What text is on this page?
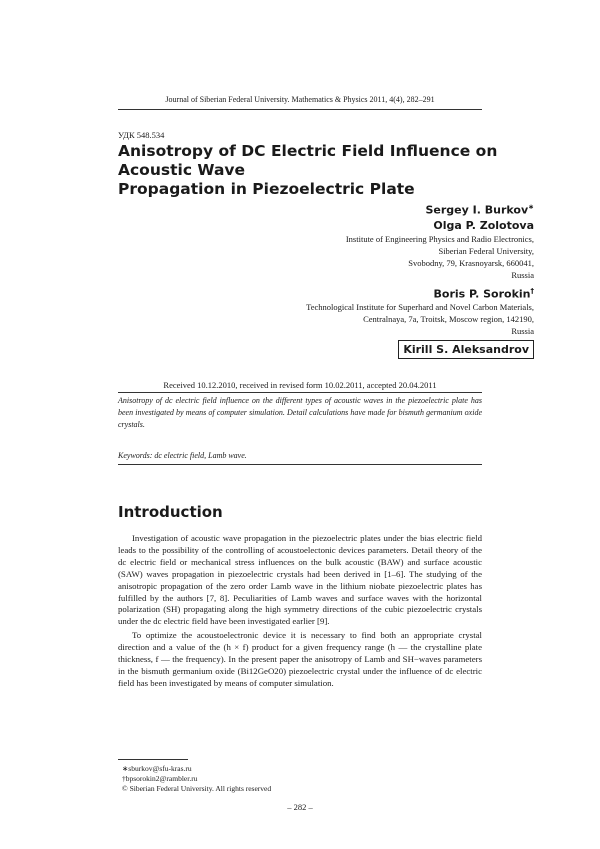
Journal of Siberian Federal University. Mathematics & Physics 2011, 4(4), 282–291
УДК 548.534
Anisotropy of DC Electric Field Influence on Acoustic Wave
Propagation in Piezoelectric Plate
Sergey I. Burkov∗
Olga P. Zolotova
Institute of Engineering Physics and Radio Electronics,
Siberian Federal University,
Svobodny, 79, Krasnoyarsk, 660041,
Russia
Boris P. Sorokin†
Technological Institute for Superhard and Novel Carbon Materials,
Centralnaya, 7a, Troitsk, Moscow region, 142190,
Russia
Kirill S. Aleksandrov
Received 10.12.2010, received in revised form 10.02.2011, accepted 20.04.2011
Anisotropy of dc electric field influence on the different types of acoustic waves in the piezoelectric plate has been investigated by means of computer simulation. Detail calculations have made for bismuth germanium oxide crystals.
Keywords: dc electric field, Lamb wave.
Introduction

Investigation of acoustic wave propagation in the piezoelectric plates under the bias electric field leads to the possibility of the controlling of acoustoelectonic devices parameters. Detail theory of the dc electric field or mechanical stress influences on the bulk acoustic (BAW) and surface acoustic (SAW) waves propagation in piezoelectric crystals had been derived in [1–6]. The studying of the anisotropic propagation of the zero order Lamb wave in the lithium niobate piezoelectric plates has fulfilled by the authors [7, 8]. Peculiarities of Lamb waves and surface waves with the horizontal polarization (SH) propagating along the high symmetry directions of the cubic piezoelectric crystals under the dc electric field have been investigated earlier [9].

To optimize the acoustoelectronic device it is necessary to find both an appropriate crystal direction and a value of the (h × f) product for a given frequency range (h — the crystalline plate thickness, f — the frequency). In the present paper the anisotropy of Lamb and SH−waves parameters in the bismuth germanium oxide (Bi12GeO20) piezoelectric crystal under the influence of dc electric field has been investigated by means of computer simulation.

∗sburkov@sfu-kras.ru
†bpsorokin2@rambler.ru
© Siberian Federal University. All rights reserved
– 282 –
